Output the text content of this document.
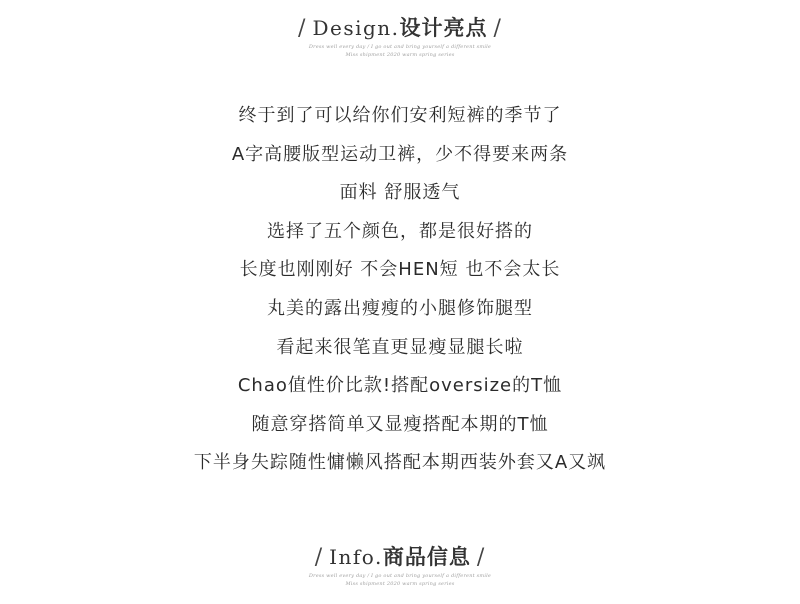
/ Design.设计亮点 /
Dress well every day / I go out and bring yourself a different smile
Miss shipment 2020 warm spring series
终于到了可以给你们安利短裤的季节了
A字高腰版型运动卫裤，少不得要来两条
面料 舒服透气
选择了五个颜色，都是很好搭的
长度也刚刚好 不会HEN短 也不会太长
丸美的露出瘦瘦的小腿修饰腿型
看起来很笔直更显瘦显腿长啦
Chao值性价比款!搭配oversize的T恤
随意穿搭简单又显瘦搭配本期的T恤
下半身失踪随性慵懒风搭配本期西装外套又A又飒
/ Info.商品信息 /
Dress well every day / I go out and bring yourself a different smile
Miss shipment 2020 warm spring series
